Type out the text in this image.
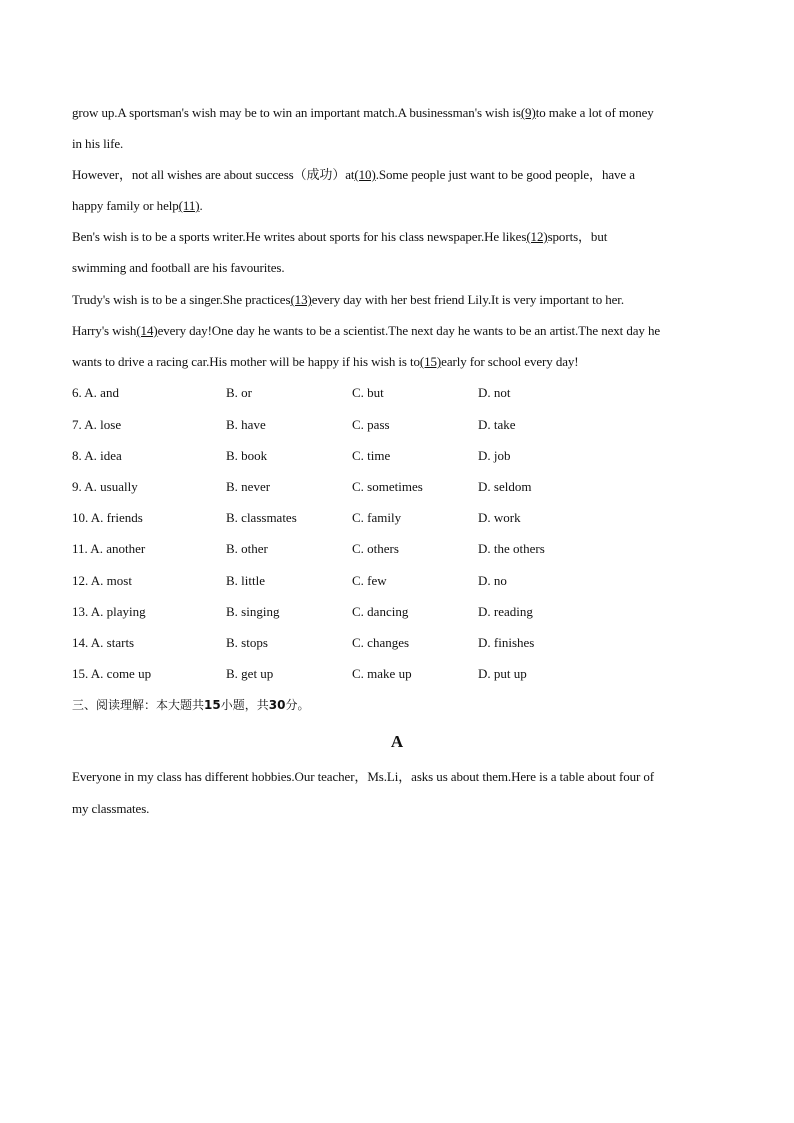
grow up.A sportsman's wish may be to win an important match.A businessman's wish is(9)to make a lot of money
in his life.
However，not all wishes are about success（成功）at(10).Some people just want to be good people，have a
happy family or help(11).
Ben's wish is to be a sports writer.He writes about sports for his class newspaper.He likes(12)sports，but
swimming and football are his favourites.
Trudy's wish is to be a singer.She practices(13)every day with her best friend Lily.It is very important to her.
Harry's wish(14)every day!One day he wants to be a scientist.The next day he wants to be an artist.The next day he
wants to drive a racing car.His mother will be happy if his wish is to(15)early for school every day!
6. A. and	B. or	C. but	D. not
7. A. lose	B. have	C. pass	D. take
8. A. idea	B. book	C. time	D. job
9. A. usually	B. never	C. sometimes	D. seldom
10. A. friends	B. classmates	C. family	D. work
11. A. another	B. other	C. others	D. the others
12. A. most	B. little	C. few	D. no
13. A. playing	B. singing	C. dancing	D. reading
14. A. starts	B. stops	C. changes	D. finishes
15. A. come up	B. get up	C. make up	D. put up
三、阅读理解：本大题共15小题，共30分。
A
Everyone in my class has different hobbies.Our teacher，Ms.Li，asks us about them.Here is a table about four of
my classmates.
